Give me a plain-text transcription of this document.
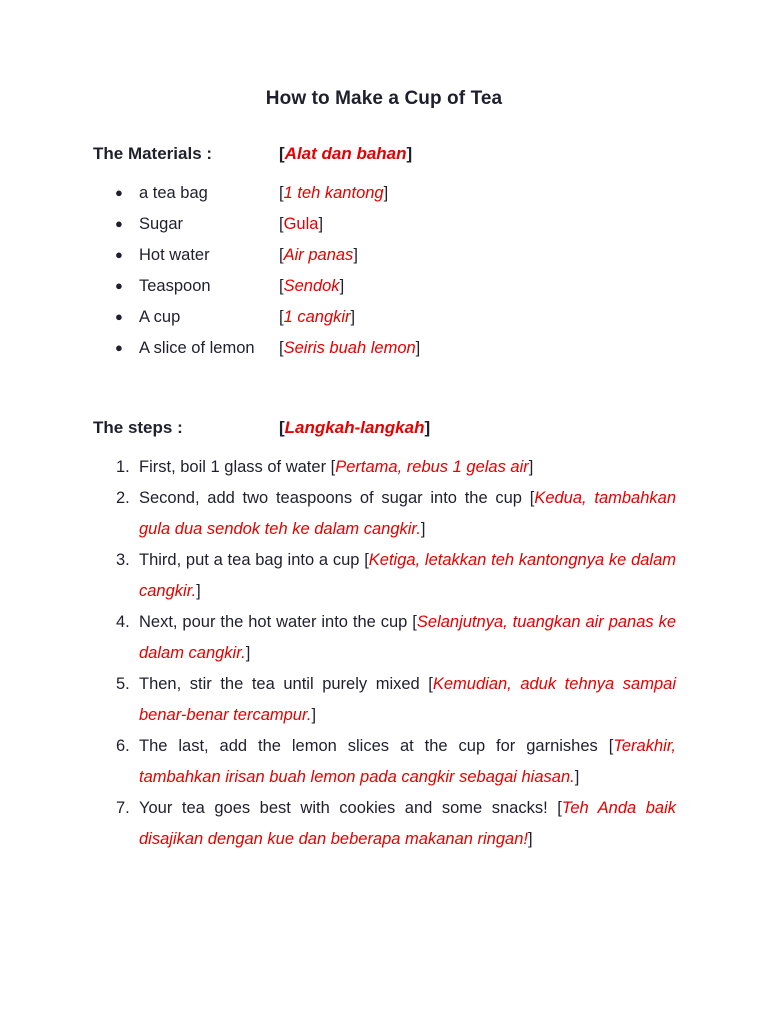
How to Make a Cup of Tea
The Materials :	[Alat dan bahan]
● a tea bag	[1 teh kantong]
● Sugar	[Gula]
● Hot water	[Air panas]
● Teaspoon	[Sendok]
● A cup	[1 cangkir]
● A slice of lemon [Seiris buah lemon]
The steps :	[Langkah-langkah]
1. First, boil 1 glass of water [Pertama, rebus 1 gelas air]
2. Second, add two teaspoons of sugar into the cup [Kedua, tambahkan gula dua sendok teh ke dalam cangkir.]
3. Third, put a tea bag into a cup [Ketiga, letakkan teh kantongnya ke dalam cangkir.]
4. Next, pour the hot water into the cup [Selanjutnya, tuangkan air panas ke dalam cangkir.]
5. Then, stir the tea until purely mixed [Kemudian, aduk tehnya sampai benar-benar tercampur.]
6. The last, add the lemon slices at the cup for garnishes [Terakhir, tambahkan irisan buah lemon pada cangkir sebagai hiasan.]
7. Your tea goes best with cookies and some snacks! [Teh Anda baik disajikan dengan kue dan beberapa makanan ringan!]
